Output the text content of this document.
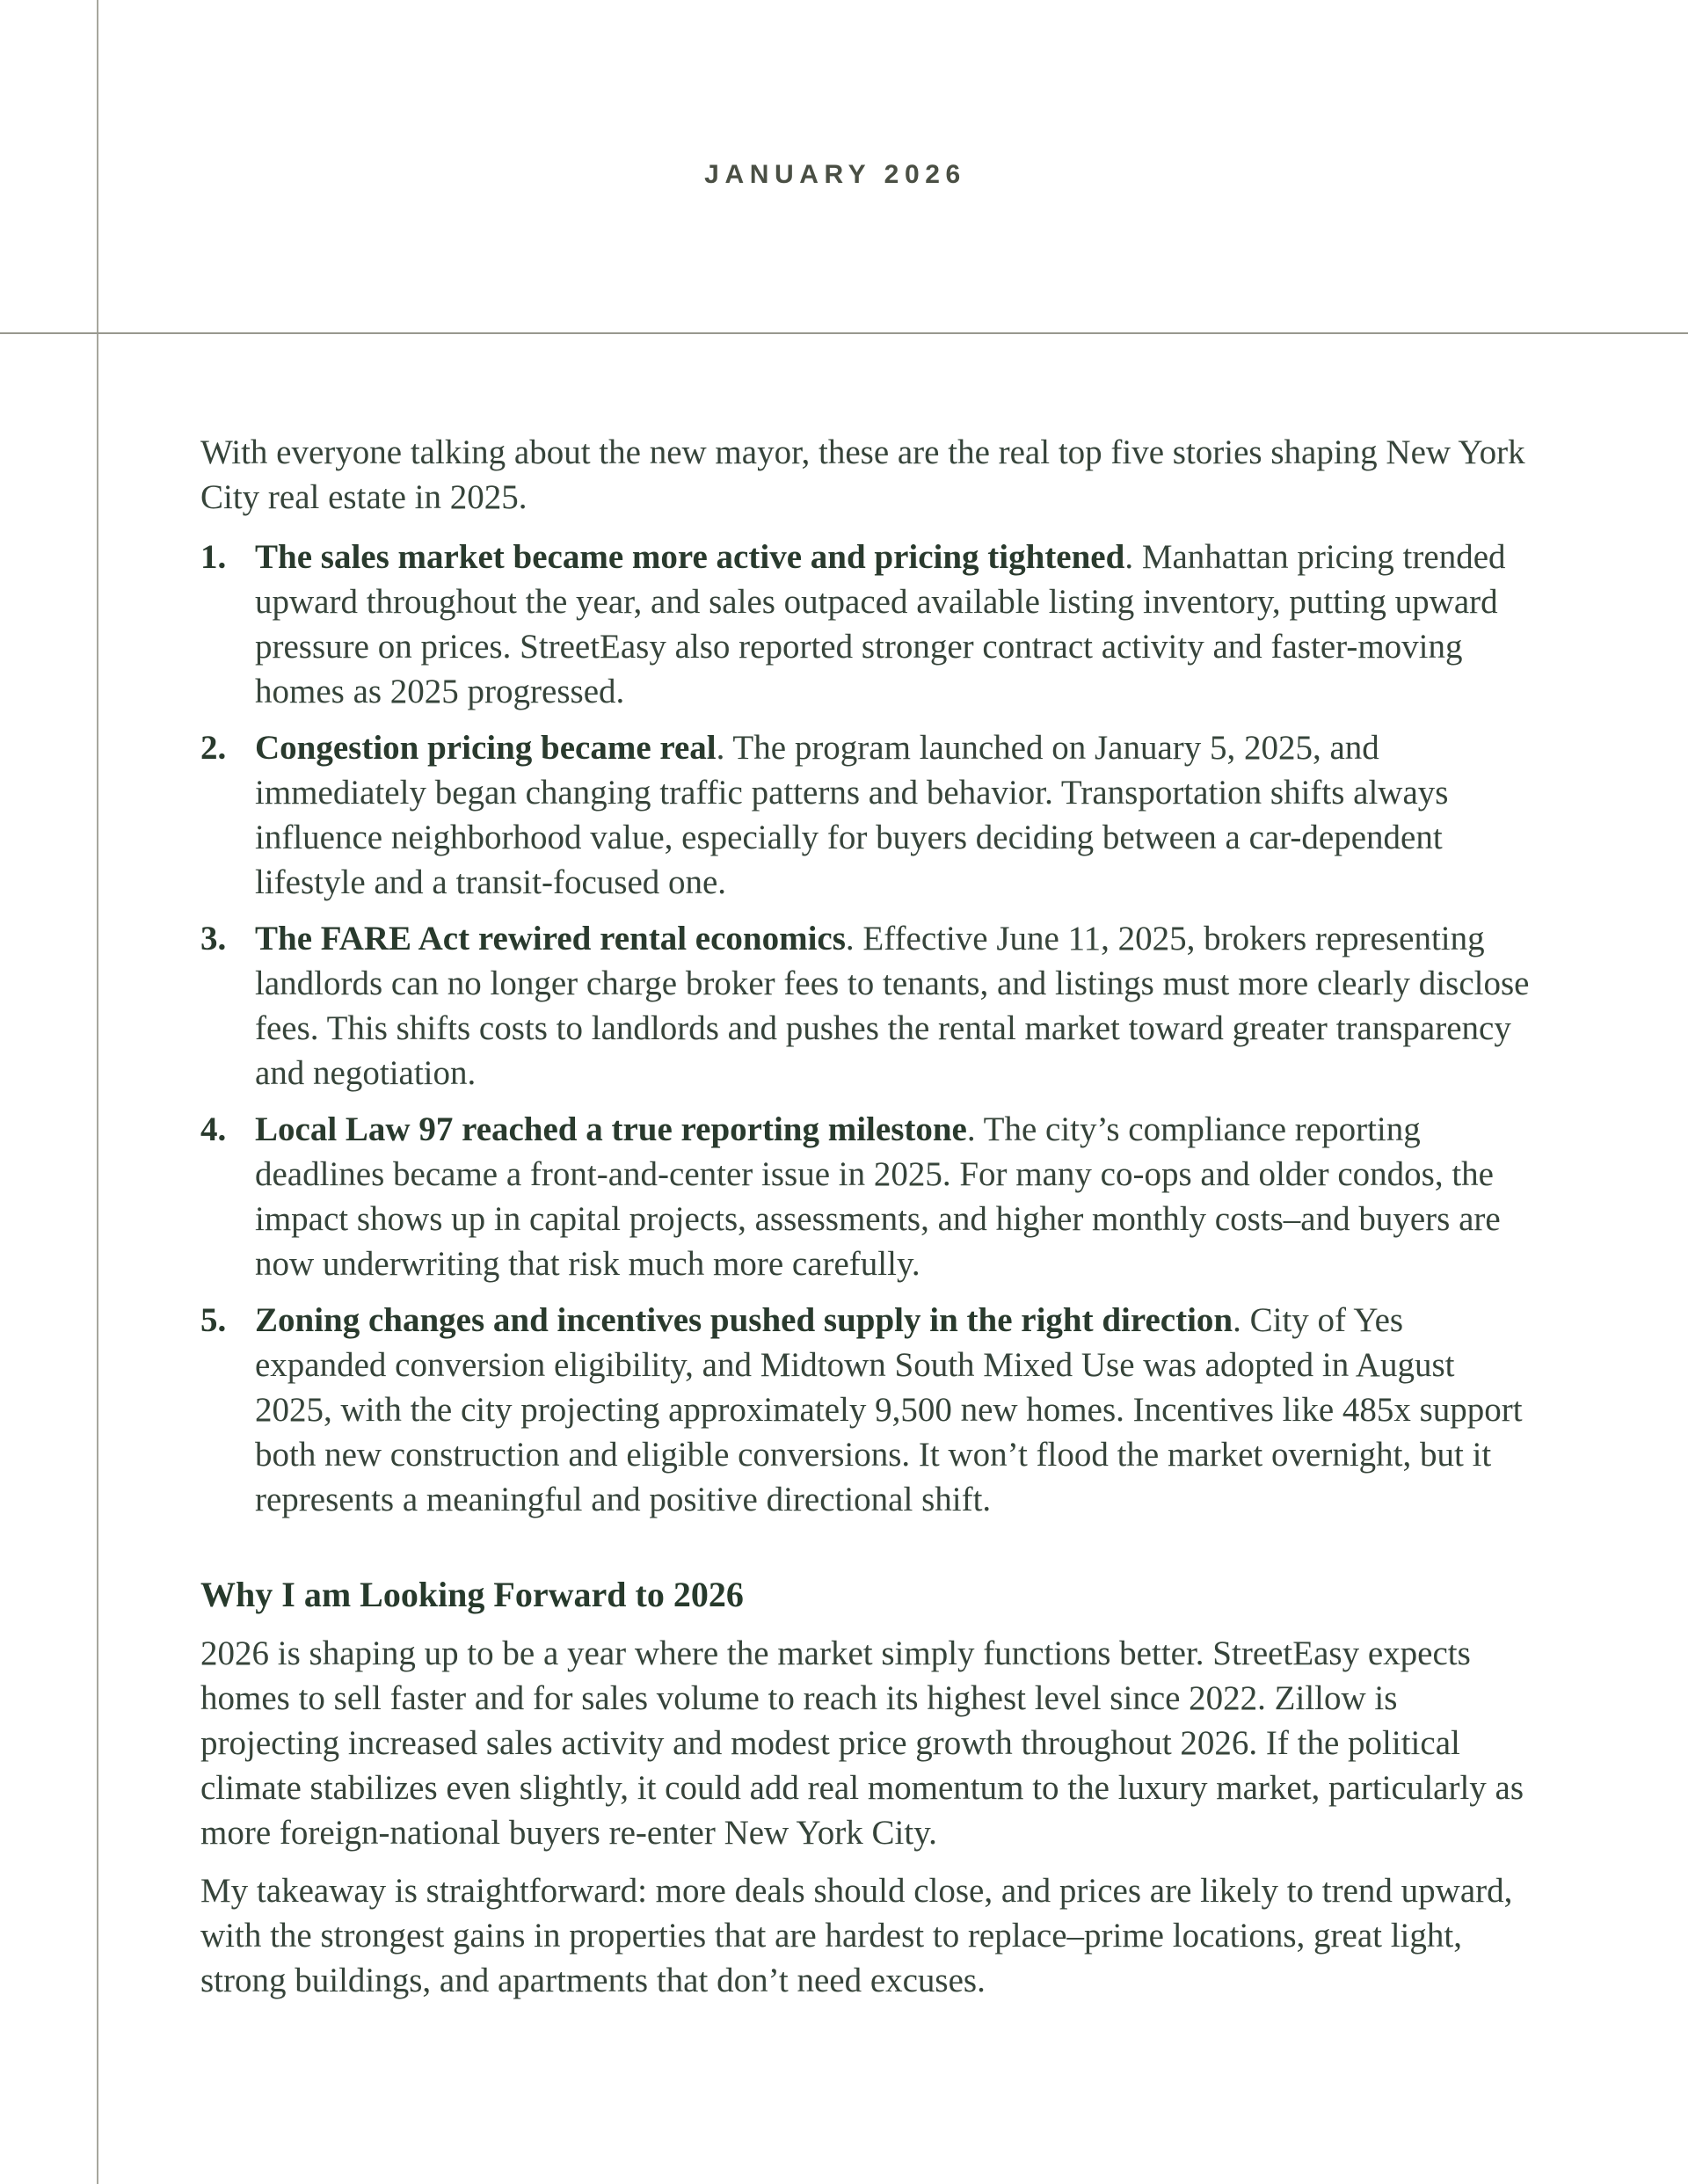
JANUARY 2026

With everyone talking about the new mayor, these are the real top five stories shaping New York City real estate in 2025.

1. The sales market became more active and pricing tightened. Manhattan pricing trended upward throughout the year, and sales outpaced available listing inventory, putting upward pressure on prices. StreetEasy also reported stronger contract activity and faster-moving homes as 2025 progressed.
2. Congestion pricing became real. The program launched on January 5, 2025, and immediately began changing traffic patterns and behavior. Transportation shifts always influence neighborhood value, especially for buyers deciding between a car-dependent lifestyle and a transit-focused one.
3. The FARE Act rewired rental economics. Effective June 11, 2025, brokers representing landlords can no longer charge broker fees to tenants, and listings must more clearly disclose fees. This shifts costs to landlords and pushes the rental market toward greater transparency and negotiation.
4. Local Law 97 reached a true reporting milestone. The city’s compliance reporting deadlines became a front-and-center issue in 2025. For many co-ops and older condos, the impact shows up in capital projects, assessments, and higher monthly costs–and buyers are now underwriting that risk much more carefully.
5. Zoning changes and incentives pushed supply in the right direction. City of Yes expanded conversion eligibility, and Midtown South Mixed Use was adopted in August 2025, with the city projecting approximately 9,500 new homes. Incentives like 485x support both new construction and eligible conversions. It won’t flood the market overnight, but it represents a meaningful and positive directional shift.
Why I am Looking Forward to 2026

2026 is shaping up to be a year where the market simply functions better. StreetEasy expects homes to sell faster and for sales volume to reach its highest level since 2022. Zillow is projecting increased sales activity and modest price growth throughout 2026. If the political climate stabilizes even slightly, it could add real momentum to the luxury market, particularly as more foreign-national buyers re-enter New York City.

My takeaway is straightforward: more deals should close, and prices are likely to trend upward, with the strongest gains in properties that are hardest to replace–prime locations, great light, strong buildings, and apartments that don’t need excuses.
